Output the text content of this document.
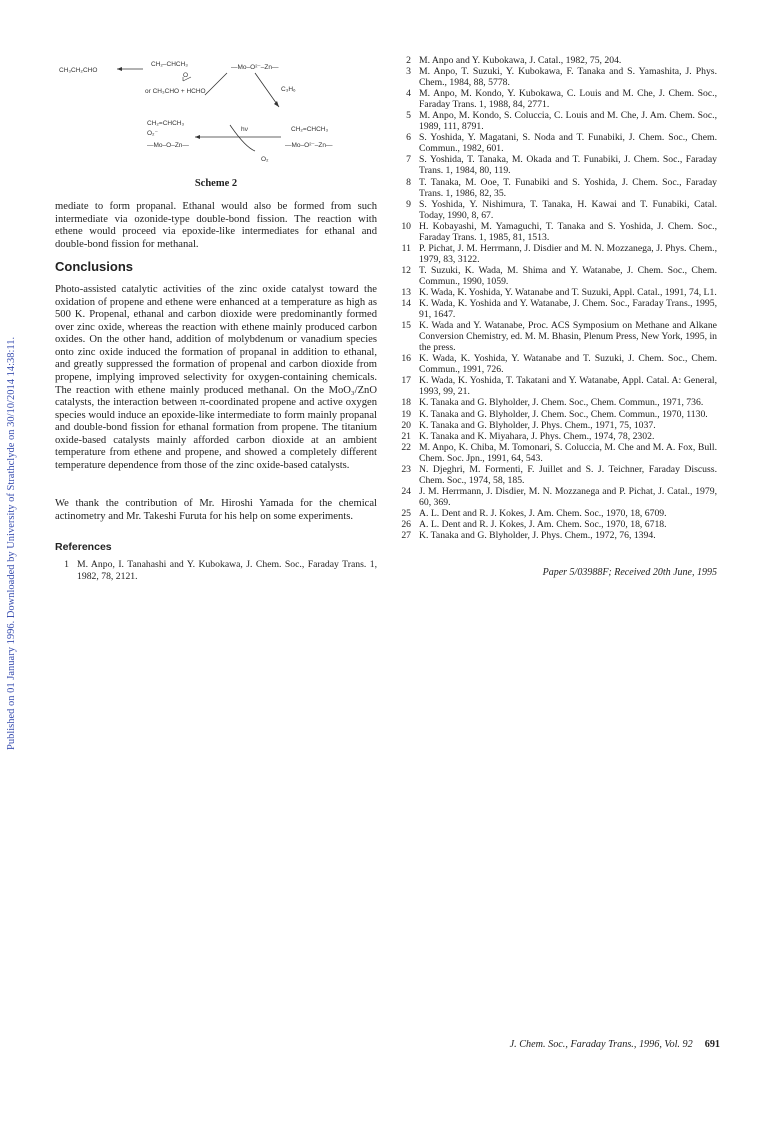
Published on 01 January 1996. Downloaded by University of Strathclyde on 30/10/2014 14:38:11.
CH₃CH₂CHO
CH₂–CHCH₃
O
—Mo–O²⁻–Zn—
or CH₃CHO + HCHO	C₃H₆
CH₂=CHCH₃
O₂⁻
—Mo–O–Zn—
hν	CH₂=CHCH₃
—Mo–O²⁻–Zn—
O₂
Scheme 2

mediate to form propanal. Ethanal would also be formed from such intermediate via ozonide-type double-bond fission. The reaction with ethene would proceed via epoxide-like intermediates for ethanal and double-bond fission for methanal.

Conclusions

Photo-assisted catalytic activities of the zinc oxide catalyst toward the oxidation of propene and ethene were enhanced at a temperature as high as 500 K. Propenal, ethanal and carbon dioxide were predominantly formed over zinc oxide, whereas the reaction with ethene mainly produced carbon oxides. On the other hand, addition of molybdenum or vanadium species onto zinc oxide induced the formation of propanal in addition to ethanal, and greatly suppressed the formation of propenal and carbon dioxide from propene, implying improved selectivity for oxygen-containing chemicals. The reaction with ethene mainly produced methanal. On the MoO₃/ZnO catalysts, the interaction between π-coordinated propene and active oxygen species would induce an epoxide-like intermediate to form mainly propanal and double-bond fission for ethanal formation from propene. The titanium oxide-based catalysts mainly afforded carbon dioxide at an ambient temperature from ethene and propene, and showed a completely different temperature dependence from those of the zinc oxide-based catalysts.

We thank the contribution of Mr. Hiroshi Yamada for the chemical actinometry and Mr. Takeshi Furuta for his help on some experiments.

References
1 M. Anpo, I. Tanahashi and Y. Kubokawa, J. Chem. Soc., Faraday Trans. 1, 1982, 78, 2121.
2 M. Anpo and Y. Kubokawa, J. Catal., 1982, 75, 204.
3 M. Anpo, T. Suzuki, Y. Kubokawa, F. Tanaka and S. Yamashita, J. Phys. Chem., 1984, 88, 5778.
4 M. Anpo, M. Kondo, Y. Kubokawa, C. Louis and M. Che, J. Chem. Soc., Faraday Trans. 1, 1988, 84, 2771.
5 M. Anpo, M. Kondo, S. Coluccia, C. Louis and M. Che, J. Am. Chem. Soc., 1989, 111, 8791.
6 S. Yoshida, Y. Magatani, S. Noda and T. Funabiki, J. Chem. Soc., Chem. Commun., 1982, 601.
7 S. Yoshida, T. Tanaka, M. Okada and T. Funabiki, J. Chem. Soc., Faraday Trans. 1, 1984, 80, 119.
8 T. Tanaka, M. Ooe, T. Funabiki and S. Yoshida, J. Chem. Soc., Faraday Trans. 1, 1986, 82, 35.
9 S. Yoshida, Y. Nishimura, T. Tanaka, H. Kawai and T. Funabiki, Catal. Today, 1990, 8, 67.
10 H. Kobayashi, M. Yamaguchi, T. Tanaka and S. Yoshida, J. Chem. Soc., Faraday Trans. 1, 1985, 81, 1513.
11 P. Pichat, J. M. Herrmann, J. Disdier and M. N. Mozzanega, J. Phys. Chem., 1979, 83, 3122.
12 T. Suzuki, K. Wada, M. Shima and Y. Watanabe, J. Chem. Soc., Chem. Commun., 1990, 1059.
13 K. Wada, K. Yoshida, Y. Watanabe and T. Suzuki, Appl. Catal., 1991, 74, L1.
14 K. Wada, K. Yoshida and Y. Watanabe, J. Chem. Soc., Faraday Trans., 1995, 91, 1647.
15 K. Wada and Y. Watanabe, Proc. ACS Symposium on Methane and Alkane Conversion Chemistry, ed. M. M. Bhasin, Plenum Press, New York, 1995, in the press.
16 K. Wada, K. Yoshida, Y. Watanabe and T. Suzuki, J. Chem. Soc., Chem. Commun., 1991, 726.
17 K. Wada, K. Yoshida, T. Takatani and Y. Watanabe, Appl. Catal. A: General, 1993, 99, 21.
18 K. Tanaka and G. Blyholder, J. Chem. Soc., Chem. Commun., 1971, 736.
19 K. Tanaka and G. Blyholder, J. Chem. Soc., Chem. Commun., 1970, 1130.
20 K. Tanaka and G. Blyholder, J. Phys. Chem., 1971, 75, 1037.
21 K. Tanaka and K. Miyahara, J. Phys. Chem., 1974, 78, 2302.
22 M. Anpo, K. Chiba, M. Tomonari, S. Coluccia, M. Che and M. A. Fox, Bull. Chem. Soc. Jpn., 1991, 64, 543.
23 N. Djeghri, M. Formenti, F. Juillet and S. J. Teichner, Faraday Discuss. Chem. Soc., 1974, 58, 185.
24 J. M. Herrmann, J. Disdier, M. N. Mozzanega and P. Pichat, J. Catal., 1979, 60, 369.
25 A. L. Dent and R. J. Kokes, J. Am. Chem. Soc., 1970, 18, 6709.
26 A. L. Dent and R. J. Kokes, J. Am. Chem. Soc., 1970, 18, 6718.
27 K. Tanaka and G. Blyholder, J. Phys. Chem., 1972, 76, 1394.
Paper 5/03988F; Received 20th June, 1995
J. Chem. Soc., Faraday Trans., 1996, Vol. 92 691
